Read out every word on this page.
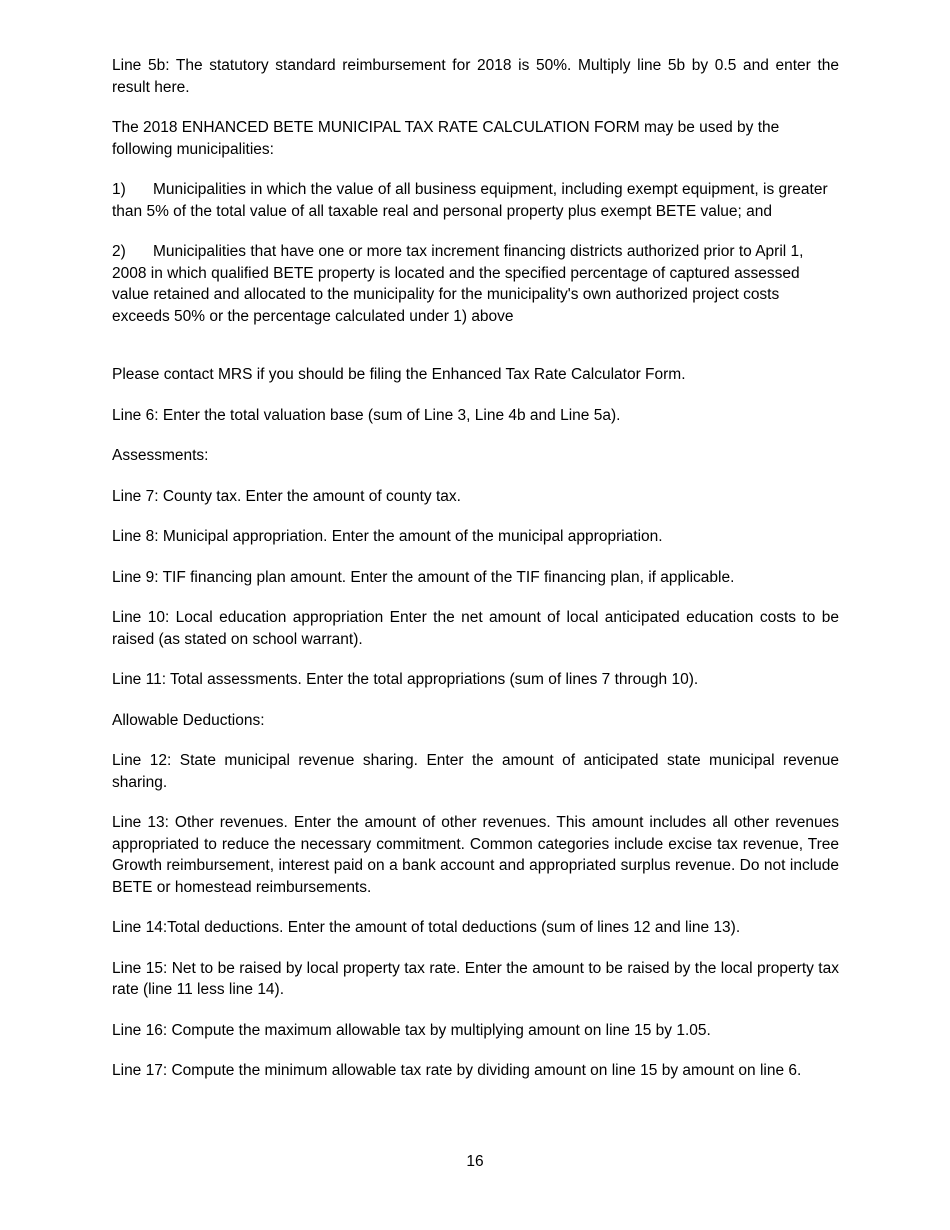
Line 5b: The statutory standard reimbursement for 2018 is 50%. Multiply line 5b by 0.5 and enter the result here.

The 2018 ENHANCED BETE MUNICIPAL TAX RATE CALCULATION FORM may be used by the following municipalities:

1) Municipalities in which the value of all business equipment, including exempt equipment, is greater than 5% of the total value of all taxable real and personal property plus exempt BETE value; and

2) Municipalities that have one or more tax increment financing districts authorized prior to April 1, 2008 in which qualified BETE property is located and the specified percentage of captured assessed value retained and allocated to the municipality for the municipality's own authorized project costs exceeds 50% or the percentage calculated under 1) above

Please contact MRS if you should be filing the Enhanced Tax Rate Calculator Form.

Line 6: Enter the total valuation base (sum of Line 3, Line 4b and Line 5a).

Assessments:

Line 7: County tax. Enter the amount of county tax.

Line 8: Municipal appropriation. Enter the amount of the municipal appropriation.

Line 9: TIF financing plan amount. Enter the amount of the TIF financing plan, if applicable.

Line 10: Local education appropriation Enter the net amount of local anticipated education costs to be raised (as stated on school warrant).

Line 11: Total assessments. Enter the total appropriations (sum of lines 7 through 10).

Allowable Deductions:

Line 12: State municipal revenue sharing. Enter the amount of anticipated state municipal revenue sharing.

Line 13: Other revenues. Enter the amount of other revenues. This amount includes all other revenues appropriated to reduce the necessary commitment. Common categories include excise tax revenue, Tree Growth reimbursement, interest paid on a bank account and appropriated surplus revenue. Do not include BETE or homestead reimbursements.

Line 14:Total deductions. Enter the amount of total deductions (sum of lines 12 and line 13).

Line 15: Net to be raised by local property tax rate. Enter the amount to be raised by the local property tax rate (line 11 less line 14).

Line 16: Compute the maximum allowable tax by multiplying amount on line 15 by 1.05.

Line 17: Compute the minimum allowable tax rate by dividing amount on line 15 by amount on line 6.

16
